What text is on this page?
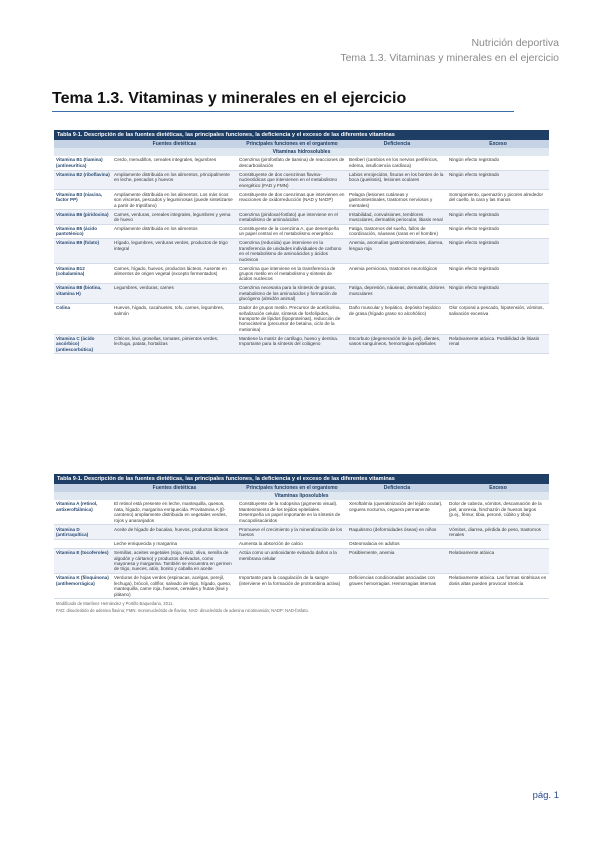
Nutrición deportiva
Tema 1.3. Vitaminas y minerales en el ejercicio
Tema 1.3. Vitaminas y minerales en el ejercicio
Tabla 9-1. Descripción de las fuentes dietéticas, las principales funciones, la deficiencia y el exceso de las diferentes vitaminas				
	Fuentes dietéticas	Principales funciones en el organismo	Deficiencia	Exceso
Vitaminas hidrosolubles				
Vitamina B1 (tiamina) (antineurítica)	Cerdo, menudillos, cereales integrales, legumbres	Coenzima (pirofosfato de tiamina) de reacciones de descarboxilación	Beriberi (cambios en los nervios periféricos, edema, insuficiencia cardíaca)	Ningún efecto registrado
Vitamina B2 (riboflavina)	Ampliamente distribuida en los alimentos, principalmente en leche, pescados y huevos	Constituyente de dos coenzimas flavina-nucleotídicas que intervienen en el metabolismo energético (FAD y FMN)	Labios enrojecidos, fisuras en los bordes de la boca (queilosis), lesiones oculares	Ningún efecto registrado
Vitamina B3 (niacina, factor PP)	Ampliamente distribuida en los alimentos. Los más ricos son vísceras, pescados y leguminosas (puede sintetizarse a partir de triptófano)	Constituyente de dos coenzimas que intervienen en reacciones de oxidorreducción (NAD y NADP)	Pelagra (lesiones cutáneas y gastrointestinales, trastornos nerviosos y mentales)	Sonrojamiento, quemazón y picores alrededor del cuello, la cara y las manos
Vitamina B6 (piridoxina)	Carnes, verduras, cereales integrales, legumbres y yema de huevo	Coenzima (piridoxal-fosfato) que interviene en el metabolismo de aminoácidos	Irritabilidad, convulsiones, temblores musculares, dermatitis periocular, litiasis renal	Ningún efecto registrado
Vitamina B5 (ácido pantoténico)	Ampliamente distribuida en los alimentos	Constituyente de la coenzima A, que desempeña un papel central en el metabolismo energético	Fatiga, trastornos del sueño, fallos de coordinación, náuseas (raras en el hombre)	Ningún efecto registrado
Vitamina B9 (folato)	Hígado, legumbres, verduras verdes, productos de trigo integral	Coenzima (reducida) que interviene en la transferencia de unidades individuales de carbono en el metabolismo de aminoácidos y ácidos nucleicos	Anemia, anomalías gastrointestinales, diarrea, lengua roja	Ningún efecto registrado
Vitamina B12 (cobalamina)	Carnes, hígado, huevos, productos lácteos. Ausente en alimentos de origen vegetal (excepto fermentados)	Coenzima que interviene en la transferencia de grupos metilo en el metabolismo y síntesis de ácidos nucleicos	Anemia perniciosa, trastornos neurológicos	Ningún efecto registrado
Vitamina B8 (biotina, vitamina H)	Legumbres, verduras, carnes	Coenzima necesaria para la síntesis de grasas, metabolismo de los aminoácidos y formación de glucógeno (almidón animal)	Fatiga, depresión, náuseas, dermatitis, dolores musculares	Ningún efecto registrado
Colina	Huevos, hígado, cacahuetes, tofu, carnes, legumbres, salmón	Dador de grupos metilo. Precursor de acetilcolina, señalización celular, síntesis de fosfolípidos, transporte de lípidos (lipoproteínas), reducción de homocisteína (precursor de betaína, ciclo de la metionina)	Daño muscular y hepático, depósito hepático de grasa (hígado graso no alcohólico)	Olor corporal a pescado, hipotensión, vómitos, salivación excesiva
Vitamina C (ácido ascórbico) (antiescorbútica)	Cítricos, kiwi, grosellas, tomates, pimientos verdes, lechuga, patata, hortalizas	Mantiene la matriz de cartílago, hueso y dentina. Importante para la síntesis del colágeno	Escorbuto (degeneración de la piel), dientes, vasos sanguíneos, hemorragias epiteliales	Relativamente atóxica. Posibilidad de litiasis renal
Tabla 9-1. Descripción de las fuentes dietéticas, las principales funciones, la deficiencia y el exceso de las diferentes vitaminas				
	Fuentes dietéticas	Principales funciones en el organismo	Deficiencia	Exceso
Vitaminas liposolubles				
Vitamina A (retinol, antixeroftálmica)	El retinol está presente en leche, mantequilla, quesos, nata, hígado, margarina enriquecida. Provitamina A (β-caroteno) ampliamente distribuida en vegetales verdes, rojos y anaranjados	Constituyente de la rodopsina (pigmento visual). Mantenimiento de los tejidos epiteliales. Desempeña un papel importante en la síntesis de mucopolisacáridos	Xeroftalmía (queratinización del tejido ocular), ceguera nocturna, ceguera permanente	Dolor de cabeza, vómitos, descamación de la piel, anorexia, hinchazón de huesos largos (p.ej., fémur, tibia, peroné, cúbito y tibia)
Vitamina D (antirraquítica)	Aceite de hígado de bacalao, huevos, productos lácteos	Promueve el crecimiento y la mineralización de los huesos	Raquitismo (deformidades óseas) en niños	Vómitos, diarrea, pérdida de peso, trastornos renales
	Leche enriquecida y margarina	Aumenta la absorción de calcio	Osteomalacia en adultos	
Vitamina E (tocoferoles)	Semillas, aceites vegetales (soja, maíz, oliva, semilla de algodón y cártamo) y productos derivados, como mayonesa y margarina. También se encuentra en germen de trigo, nueces, atún, bonito y caballa en aceite	Actúa como un antioxidante evitando daños a la membrana celular	Posiblemente, anemia	Relativamente atóxica
Vitamina K (filoquinona) (antihemorrágica)	Verduras de hojas verdes (espinacas, acelgas, perejil, lechuga), brócoli, coliflor, salvado de trigo, hígado, queso, mantequilla, carne roja, huevos, cereales y frutas (kiwi y plátano)	Importante para la coagulación de la sangre (interviene en la formación de protrombina activa)	Deficiencias condicionadas asociadas con graves hemorragias. Hemorragias internas	Relativamente atóxica. Las formas sintéticas en dosis altas pueden provocar ictericia
Modificado de Martínez Hernández y Portillo Baquedano, 2011.				
FAD: dinucleótido de adenina flavina; FMN: mononucleótido de flavina; NAD: dinucleótido de adenina nicotinamida; NADP: NAD-fosfato.				
pág. 1
